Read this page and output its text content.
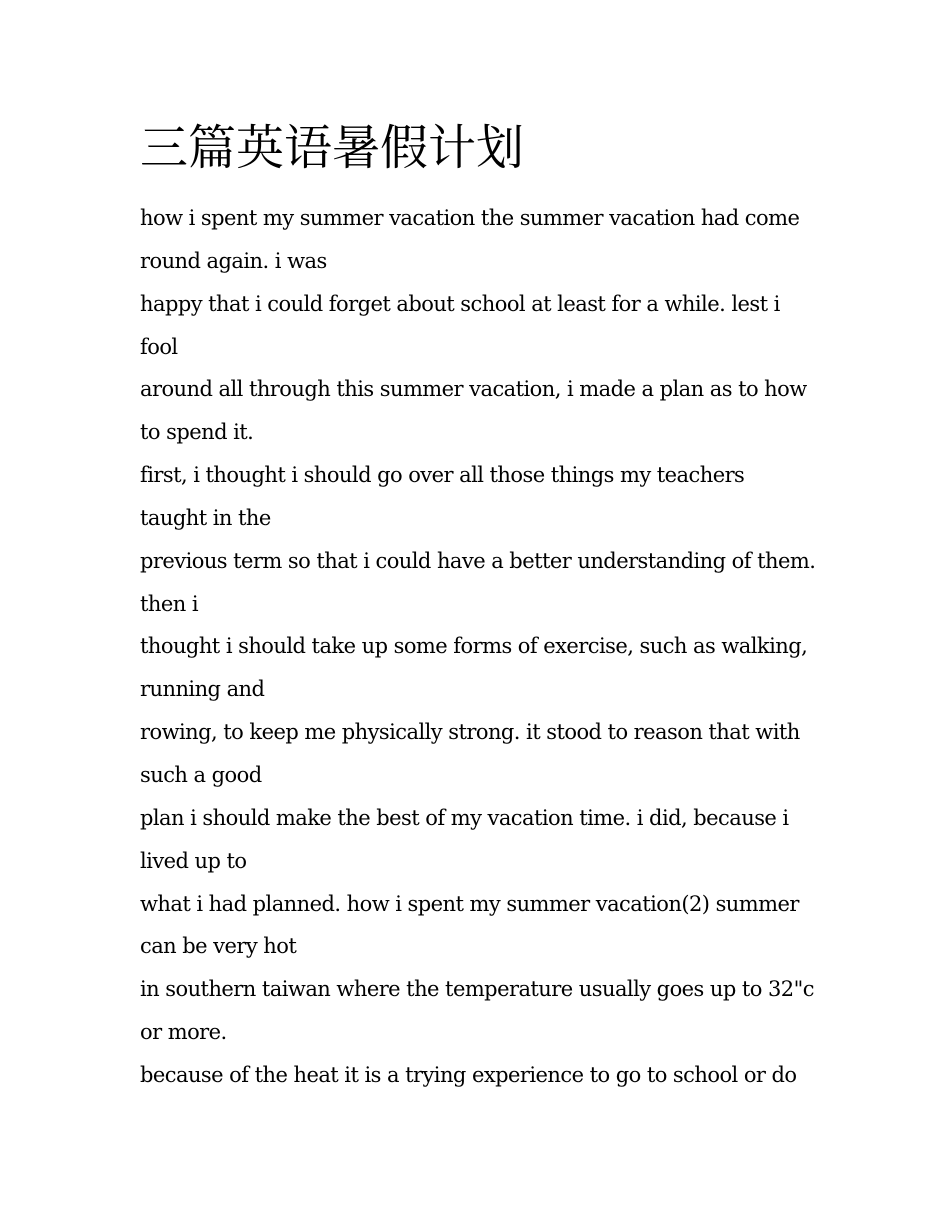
三篇英语暑假计划
how i spent my summer vacation the summer vacation had come
round again. i was
happy that i could forget about school at least for a while. lest i
fool
around all through this summer vacation, i made a plan as to how
to spend it.
first, i thought i should go over all those things my teachers
taught in the
previous term so that i could have a better understanding of them.
then i
thought i should take up some forms of exercise, such as walking,
running and
rowing, to keep me physically strong. it stood to reason that with
such a good
plan i should make the best of my vacation time. i did, because i
lived up to
what i had planned. how i spent my summer vacation(2) summer
can be very hot
in southern taiwan where the temperature usually goes up to 32"c
or more.
because of the heat it is a trying experience to go to school or do
